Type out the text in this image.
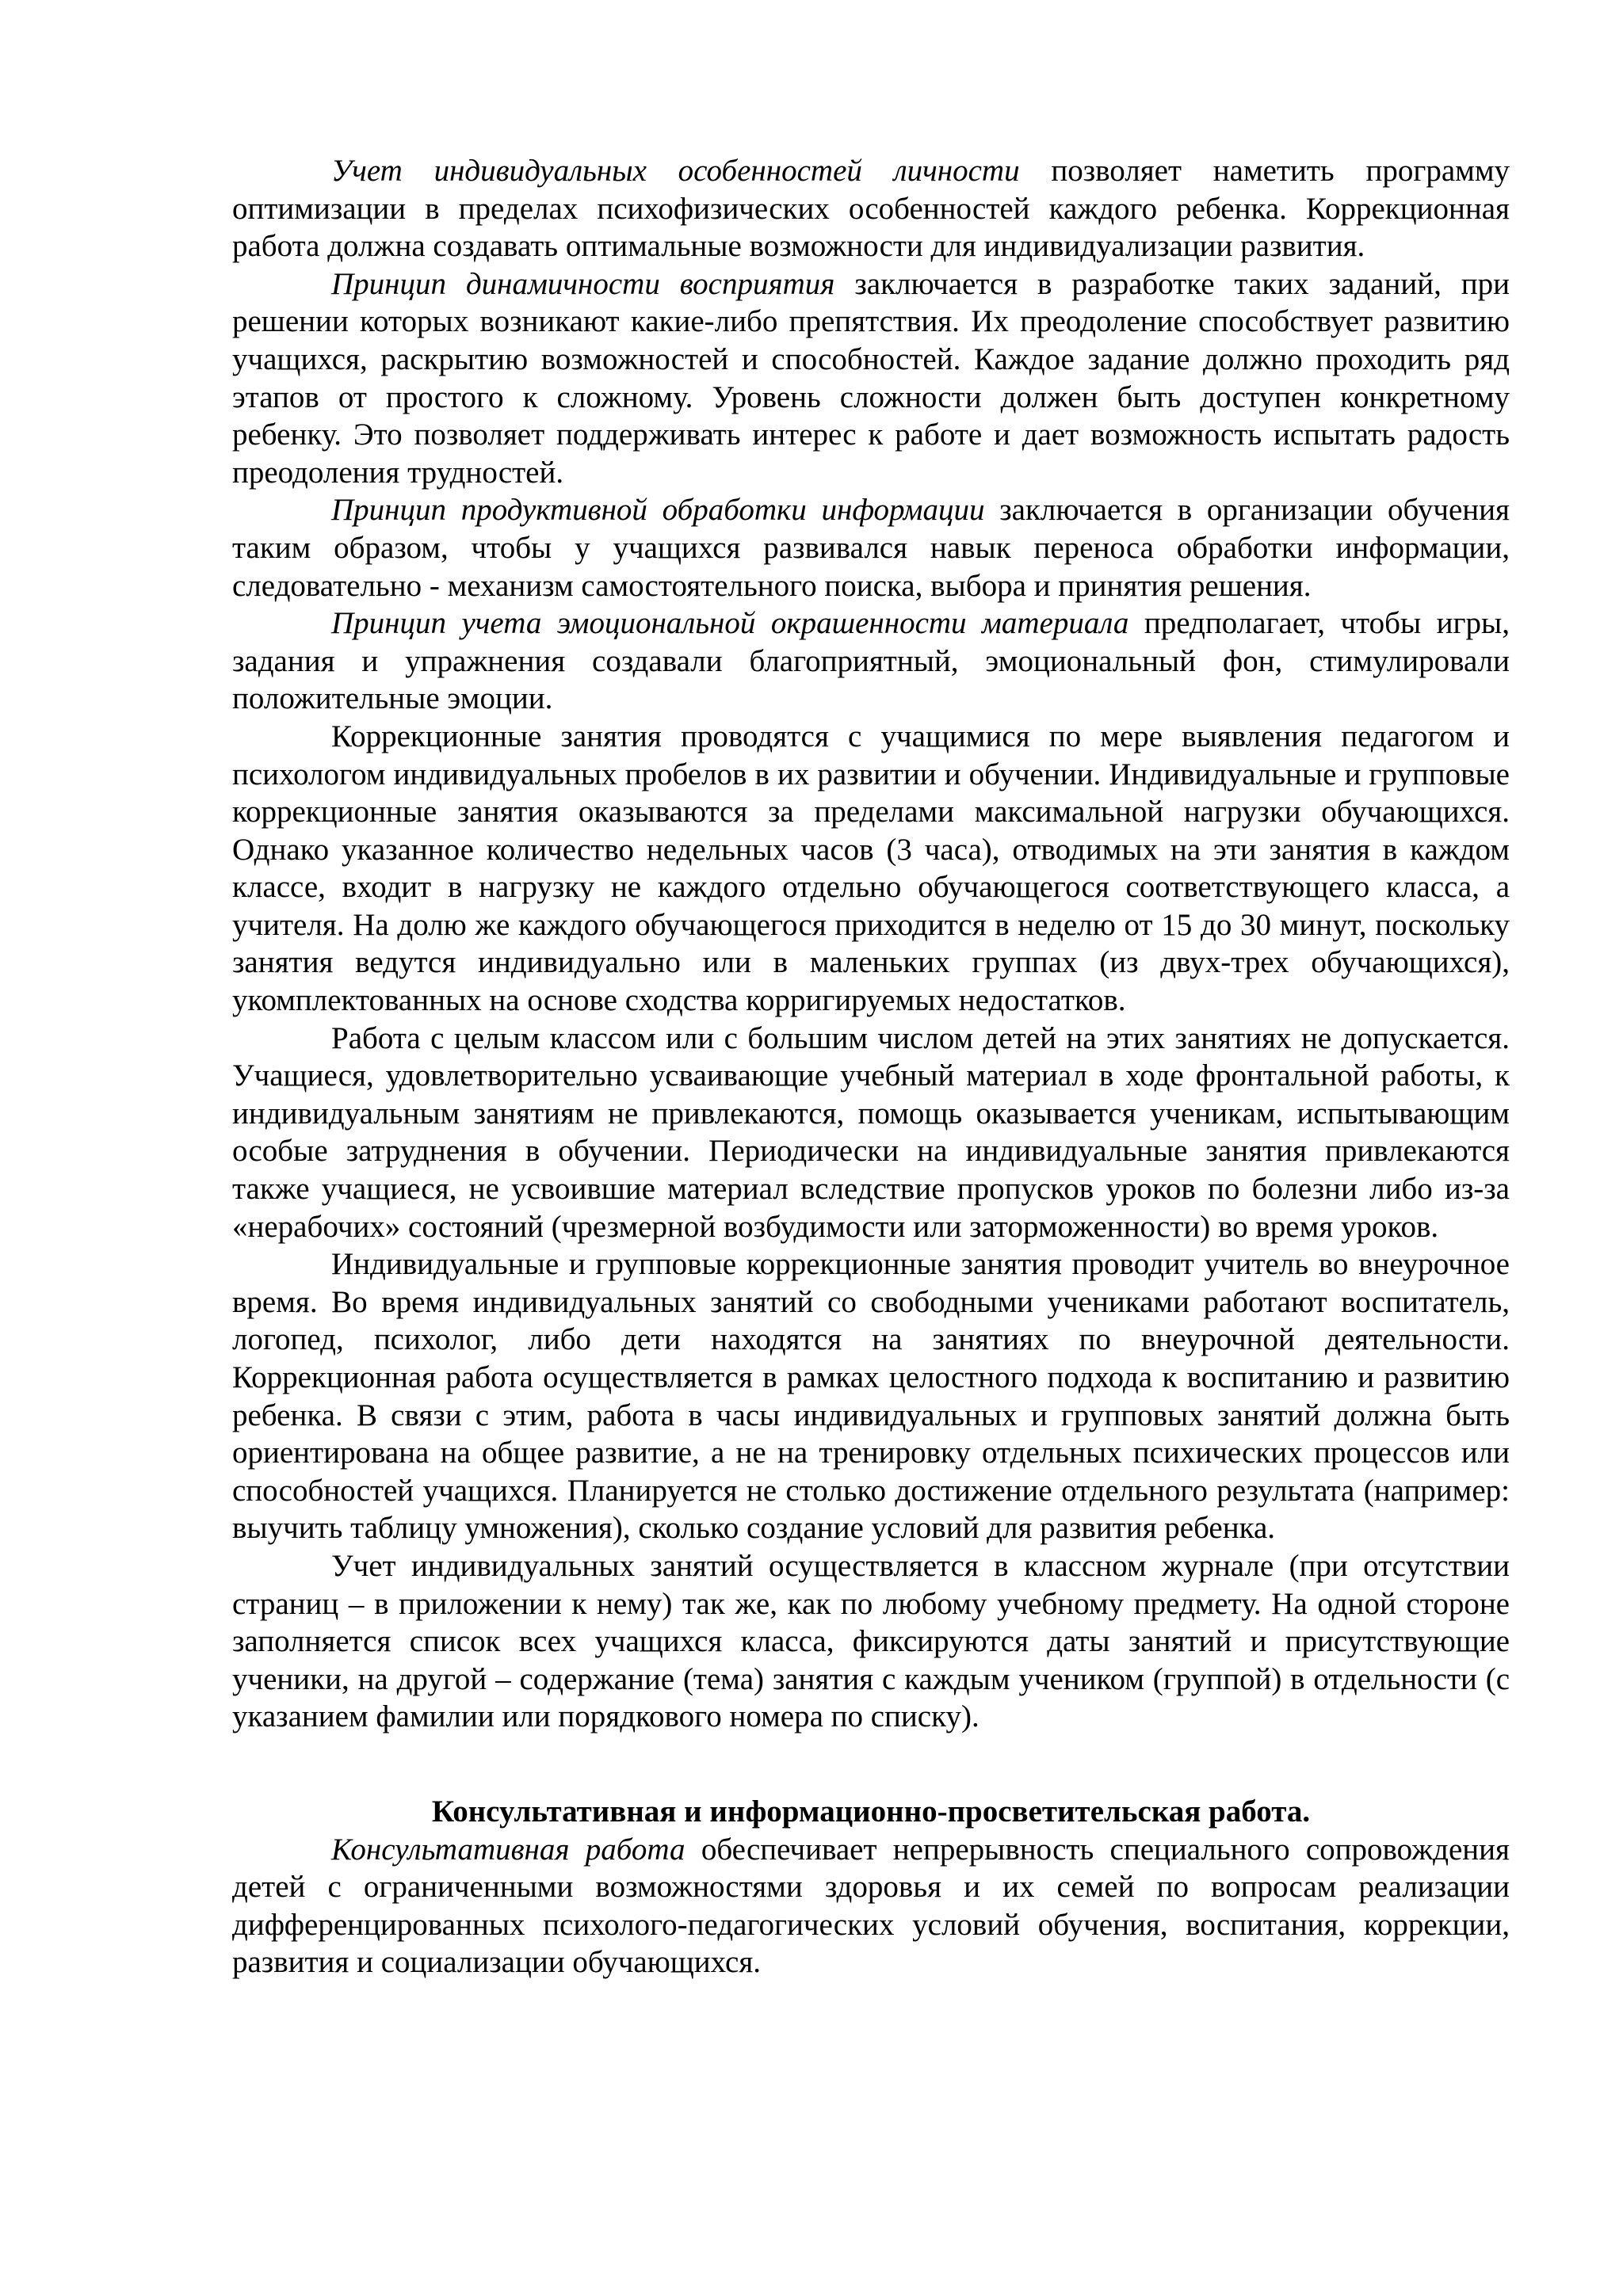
Учет индивидуальных особенностей личности позволяет наметить программу оптимизации в пределах психофизических особенностей каждого ребенка. Коррекционная работа должна создавать оптимальные возможности для индивидуализации развития.

Принцип динамичности восприятия заключается в разработке таких заданий, при решении которых возникают какие-либо препятствия. Их преодоление способствует развитию учащихся, раскрытию возможностей и способностей. Каждое задание должно проходить ряд этапов от простого к сложному. Уровень сложности должен быть доступен конкретному ребенку. Это позволяет поддерживать интерес к работе и дает возможность испытать радость преодоления трудностей.

Принцип продуктивной обработки информации заключается в организации обучения таким образом, чтобы у учащихся развивался навык переноса обработки информации, следовательно - механизм самостоятельного поиска, выбора и принятия решения.

Принцип учета эмоциональной окрашенности материала предполагает, чтобы игры, задания и упражнения создавали благоприятный, эмоциональный фон, стимулировали положительные эмоции.

Коррекционные занятия проводятся с учащимися по мере выявления педагогом и психологом индивидуальных пробелов в их развитии и обучении. Индивидуальные и групповые коррекционные занятия оказываются за пределами максимальной нагрузки обучающихся. Однако указанное количество недельных часов (3 часа), отводимых на эти занятия в каждом классе, входит в нагрузку не каждого отдельно обучающегося соответствующего класса, а учителя. На долю же каждого обучающегося приходится в неделю от 15 до 30 минут, поскольку занятия ведутся индивидуально или в маленьких группах (из двух-трех обучающихся), укомплектованных на основе сходства корригируемых недостатков.

Работа с целым классом или с большим числом детей на этих занятиях не допускается. Учащиеся, удовлетворительно усваивающие учебный материал в ходе фронтальной работы, к индивидуальным занятиям не привлекаются, помощь оказывается ученикам, испытывающим особые затруднения в обучении. Периодически на индивидуальные занятия привлекаются также учащиеся, не усвоившие материал вследствие пропусков уроков по болезни либо из-за «нерабочих» состояний (чрезмерной возбудимости или заторможенности) во время уроков.

Индивидуальные и групповые коррекционные занятия проводит учитель во внеурочное время. Во время индивидуальных занятий со свободными учениками работают воспитатель, логопед, психолог, либо дети находятся на занятиях по внеурочной деятельности. Коррекционная работа осуществляется в рамках целостного подхода к воспитанию и развитию ребенка. В связи с этим, работа в часы индивидуальных и групповых занятий должна быть ориентирована на общее развитие, а не на тренировку отдельных психических процессов или способностей учащихся. Планируется не столько достижение отдельного результата (например: выучить таблицу умножения), сколько создание условий для развития ребенка.

Учет индивидуальных занятий осуществляется в классном журнале (при отсутствии страниц – в приложении к нему) так же, как по любому учебному предмету. На одной стороне заполняется список всех учащихся класса, фиксируются даты занятий и присутствующие ученики, на другой – содержание (тема) занятия с каждым учеником (группой) в отдельности (с указанием фамилии или порядкового номера по списку).

Консультативная и информационно-просветительская работа.

Консультативная работа обеспечивает непрерывность специального сопровождения детей с ограниченными возможностями здоровья и их семей по вопросам реализации дифференцированных психолого-педагогических условий обучения, воспитания, коррекции, развития и социализации обучающихся.
